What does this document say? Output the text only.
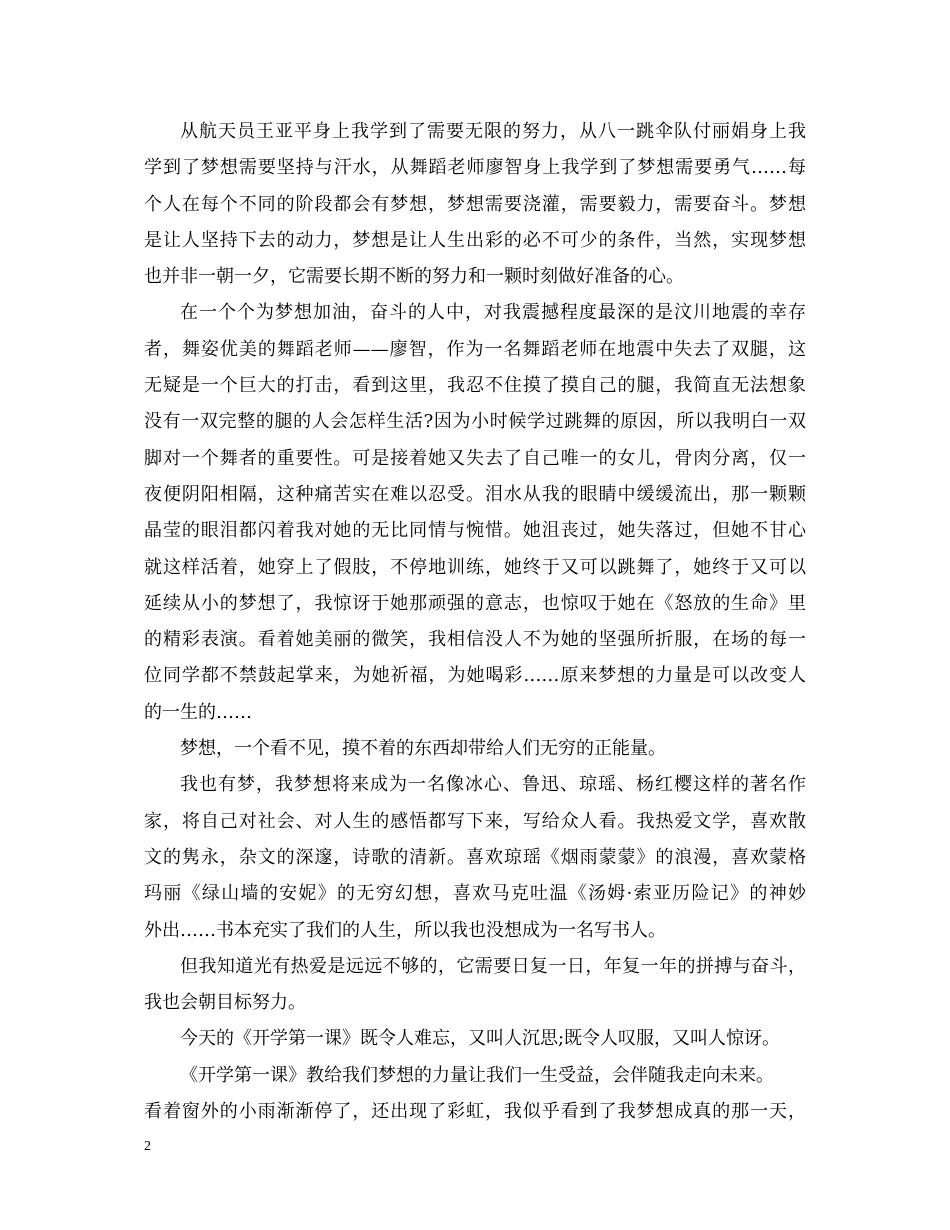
从航天员王亚平身上我学到了需要无限的努力，从八一跳伞队付丽娟身上我
学到了梦想需要坚持与汗水，从舞蹈老师廖智身上我学到了梦想需要勇气……每
个人在每个不同的阶段都会有梦想，梦想需要浇灌，需要毅力，需要奋斗。梦想
是让人坚持下去的动力，梦想是让人生出彩的必不可少的条件，当然，实现梦想
也并非一朝一夕，它需要长期不断的努力和一颗时刻做好准备的心。
在一个个为梦想加油，奋斗的人中，对我震撼程度最深的是汶川地震的幸存
者，舞姿优美的舞蹈老师——廖智，作为一名舞蹈老师在地震中失去了双腿，这
无疑是一个巨大的打击，看到这里，我忍不住摸了摸自己的腿，我简直无法想象
没有一双完整的腿的人会怎样生活?因为小时候学过跳舞的原因，所以我明白一双
脚对一个舞者的重要性。可是接着她又失去了自己唯一的女儿，骨肉分离，仅一
夜便阴阳相隔，这种痛苦实在难以忍受。泪水从我的眼睛中缓缓流出，那一颗颗
晶莹的眼泪都闪着我对她的无比同情与惋惜。她沮丧过，她失落过，但她不甘心
就这样活着，她穿上了假肢，不停地训练，她终于又可以跳舞了，她终于又可以
延续从小的梦想了，我惊讶于她那顽强的意志，也惊叹于她在《怒放的生命》里
的精彩表演。看着她美丽的微笑，我相信没人不为她的坚强所折服，在场的每一
位同学都不禁鼓起掌来，为她祈福，为她喝彩……原来梦想的力量是可以改变人
的一生的……
梦想，一个看不见，摸不着的东西却带给人们无穷的正能量。
我也有梦，我梦想将来成为一名像冰心、鲁迅、琼瑶、杨红樱这样的著名作
家，将自己对社会、对人生的感悟都写下来，写给众人看。我热爱文学，喜欢散
文的隽永，杂文的深邃，诗歌的清新。喜欢琼瑶《烟雨蒙蒙》的浪漫，喜欢蒙格
玛丽《绿山墙的安妮》的无穷幻想，喜欢马克吐温《汤姆·索亚历险记》的神妙
外出……书本充实了我们的人生，所以我也没想成为一名写书人。
但我知道光有热爱是远远不够的，它需要日复一日，年复一年的拼搏与奋斗，
我也会朝目标努力。
今天的《开学第一课》既令人难忘，又叫人沉思;既令人叹服，又叫人惊讶。
《开学第一课》教给我们梦想的力量让我们一生受益，会伴随我走向未来。
看着窗外的小雨渐渐停了，还出现了彩虹，我似乎看到了我梦想成真的那一天，
2
